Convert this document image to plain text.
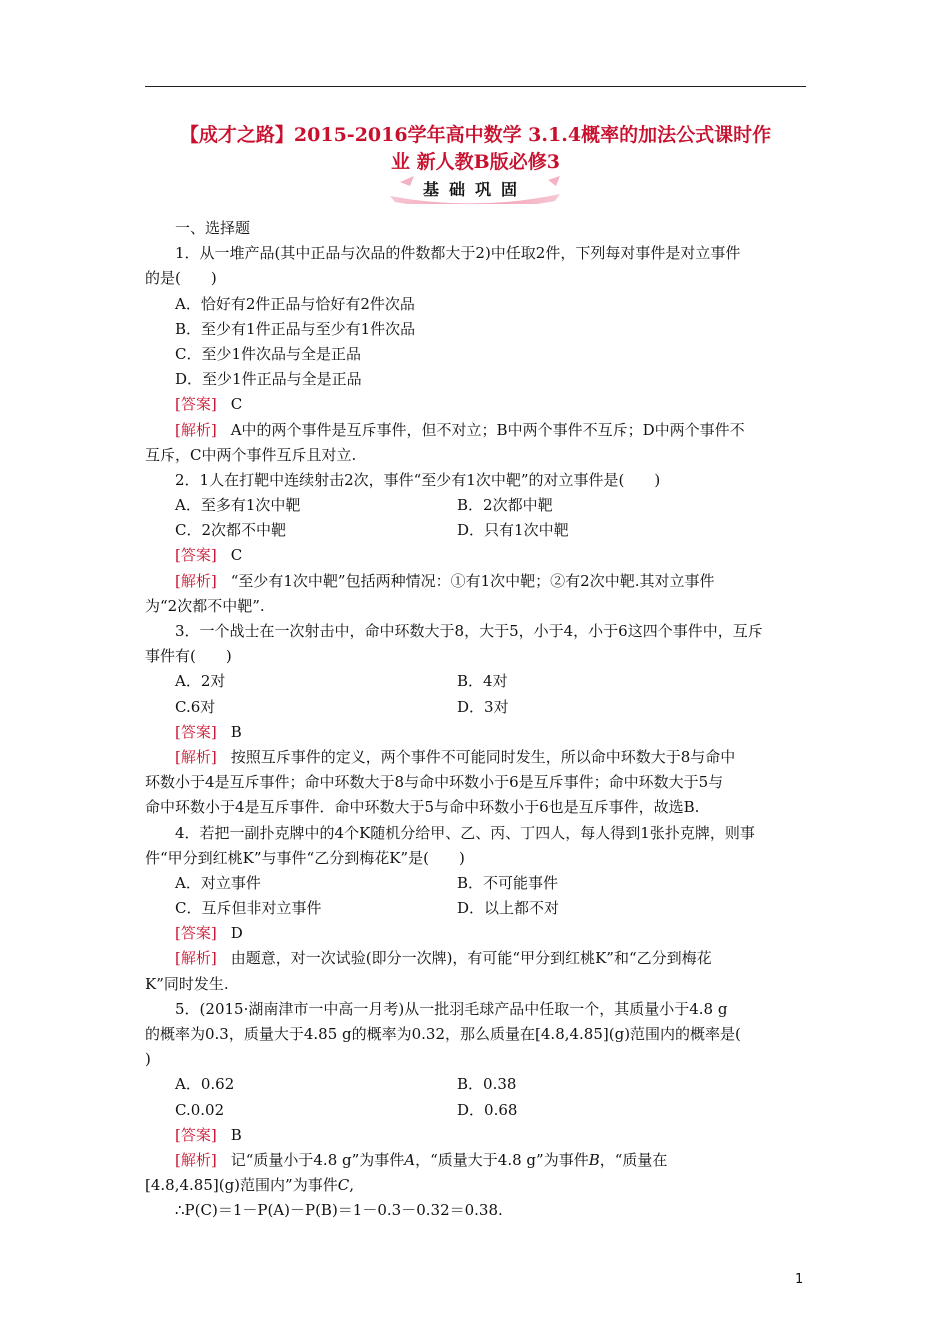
【成才之路】2015-2016学年高中数学 3.1.4概率的加法公式课时作
业 新人教B版必修3
基础巩固
一、选择题
1．从一堆产品(其中正品与次品的件数都大于2)中任取2件，下列每对事件是对立事件
的是(　　)
A．恰好有2件正品与恰好有2件次品
B．至少有1件正品与至少有1件次品
C．至少1件次品与全是正品
D．至少1件正品与全是正品
[答案] C
[解析] A中的两个事件是互斥事件，但不对立；B中两个事件不互斥；D中两个事件不
互斥，C中两个事件互斥且对立.
2．1人在打靶中连续射击2次，事件“至少有1次中靶”的对立事件是(　　)
A．至多有1次中靶	B．2次都中靶
C．2次都不中靶	D．只有1次中靶
[答案] C
[解析] “至少有1次中靶”包括两种情况：①有1次中靶；②有2次中靶.其对立事件
为“2次都不中靶”.
3．一个战士在一次射击中，命中环数大于8，大于5，小于4，小于6这四个事件中，互斥
事件有(　　)
A．2对	B．4对
C.6对	D．3对
[答案] B
[解析] 按照互斥事件的定义，两个事件不可能同时发生，所以命中环数大于8与命中
环数小于4是互斥事件；命中环数大于8与命中环数小于6是互斥事件；命中环数大于5与
命中环数小于4是互斥事件．命中环数大于5与命中环数小于6也是互斥事件，故选B.
4．若把一副扑克牌中的4个K随机分给甲、乙、丙、丁四人，每人得到1张扑克牌，则事
件“甲分到红桃K”与事件“乙分到梅花K”是(　　)
A．对立事件	B．不可能事件
C．互斥但非对立事件	D．以上都不对
[答案] D
[解析] 由题意，对一次试验(即分一次牌)，有可能“甲分到红桃K”和“乙分到梅花
K”同时发生.
5．(2015·湖南津市一中高一月考)从一批羽毛球产品中任取一个，其质量小于4.8 g
的概率为0.3，质量大于4.85 g的概率为0.32，那么质量在[4.8,4.85](g)范围内的概率是(
)
A．0.62	B．0.38
C.0.02	D．0.68
[答案] B
[解析] 记“质量小于4.8 g”为事件A，“质量大于4.8 g”为事件B，“质量在
[4.8,4.85](g)范围内”为事件C,
∴P(C)＝1－P(A)－P(B)＝1－0.3－0.32＝0.38.
1
